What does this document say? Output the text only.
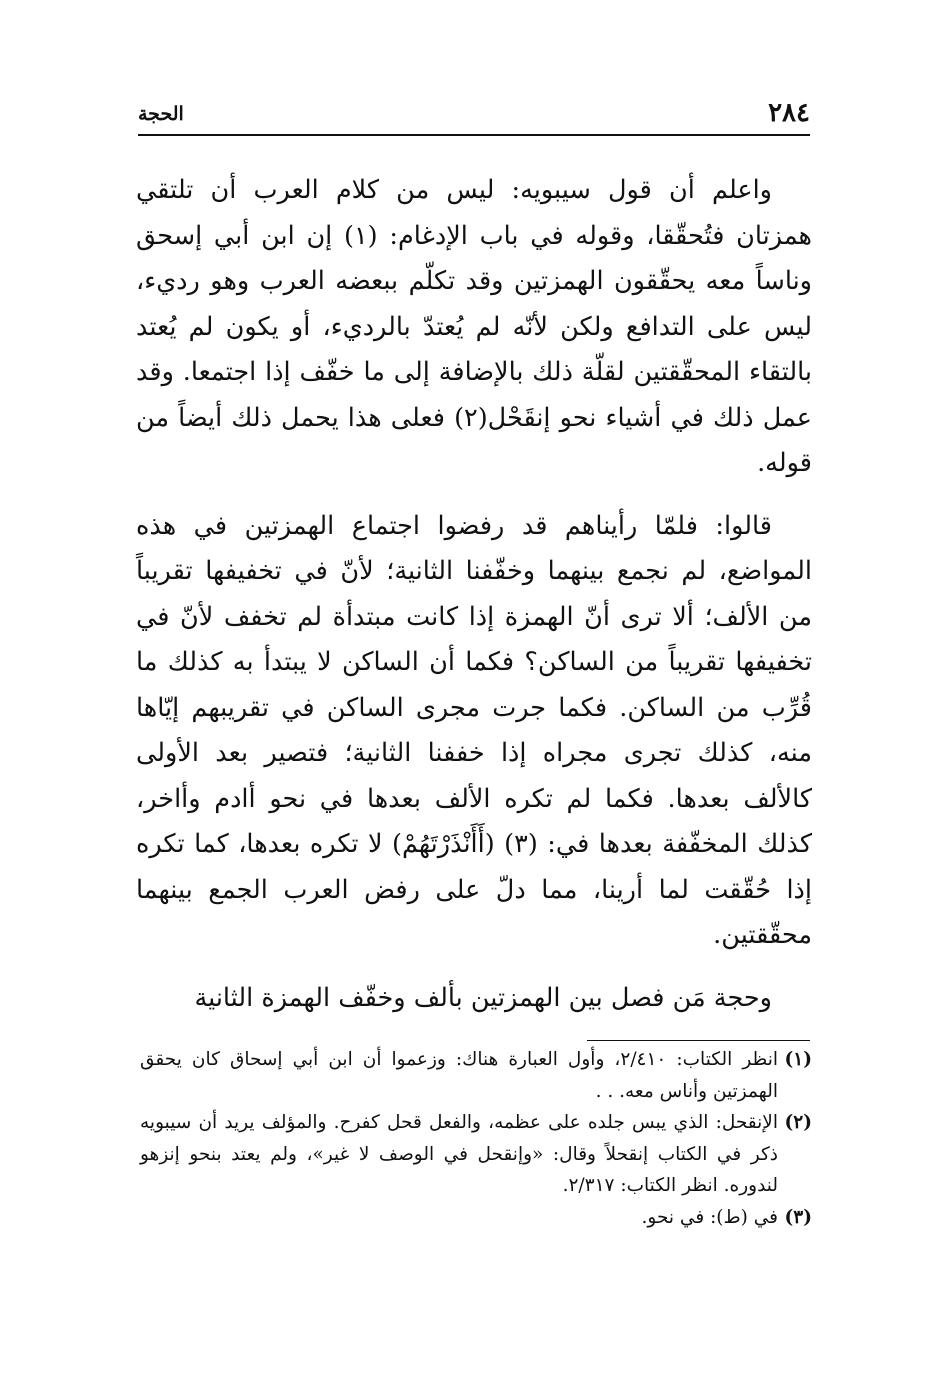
٢٨٤
الحجة

واعلم أن قول سيبويه: ليس من كلام العرب أن تلتقي همزتان فتُحقّقا، وقوله في باب الإدغام: (١) إن ابن أبي إسحق وناساً معه يحقّقون الهمزتين وقد تكلّم ببعضه العرب وهو رديء، ليس على التدافع ولكن لأنّه لم يُعتدّ بالرديء، أو يكون لم يُعتد بالتقاء المحقّقتين لقلّة ذلك بالإضافة إلى ما خفّف إذا اجتمعا. وقد عمل ذلك في أشياء نحو إنقَحْل(٢) فعلى هذا يحمل ذلك أيضاً من قوله.

قالوا: فلمّا رأيناهم قد رفضوا اجتماع الهمزتين في هذه المواضع، لم نجمع بينهما وخفّفنا الثانية؛ لأنّ في تخفيفها تقريباً من الألف؛ ألا ترى أنّ الهمزة إذا كانت مبتدأة لم تخفف لأنّ في تخفيفها تقريباً من الساكن؟ فكما أن الساكن لا يبتدأ به كذلك ما قُرِّب من الساكن. فكما جرت مجرى الساكن في تقريبهم إيّاها منه، كذلك تجرى مجراه إذا خففنا الثانية؛ فتصير بعد الأولى كالألف بعدها. فكما لم تكره الألف بعدها في نحو أادم وأاخر، كذلك المخفّفة بعدها في: (٣) (أَأَنْذَرْتَهُمْ) لا تكره بعدها، كما تكره إذا حُقّقت لما أرينا، مما دلّ على رفض العرب الجمع بينهما محقّقتين.

وحجة مَن فصل بين الهمزتين بألف وخفّف الهمزة الثانية

(١)
انظر الكتاب: ٢/٤١٠، وأول العبارة هناك: وزعموا أن ابن أبي إسحاق كان يحقق الهمزتين وأناس معه. . .

(٢)
الإنقحل: الذي يبس جلده على عظمه، والفعل قحل كفرح. والمؤلف يريد أن سيبويه ذكر في الكتاب إنقحلاً وقال: «وإنقحل في الوصف لا غير»، ولم يعتد بنحو إنزهو لندوره. انظر الكتاب: ٢/٣١٧.

(٣)
في (ط): في نحو.
